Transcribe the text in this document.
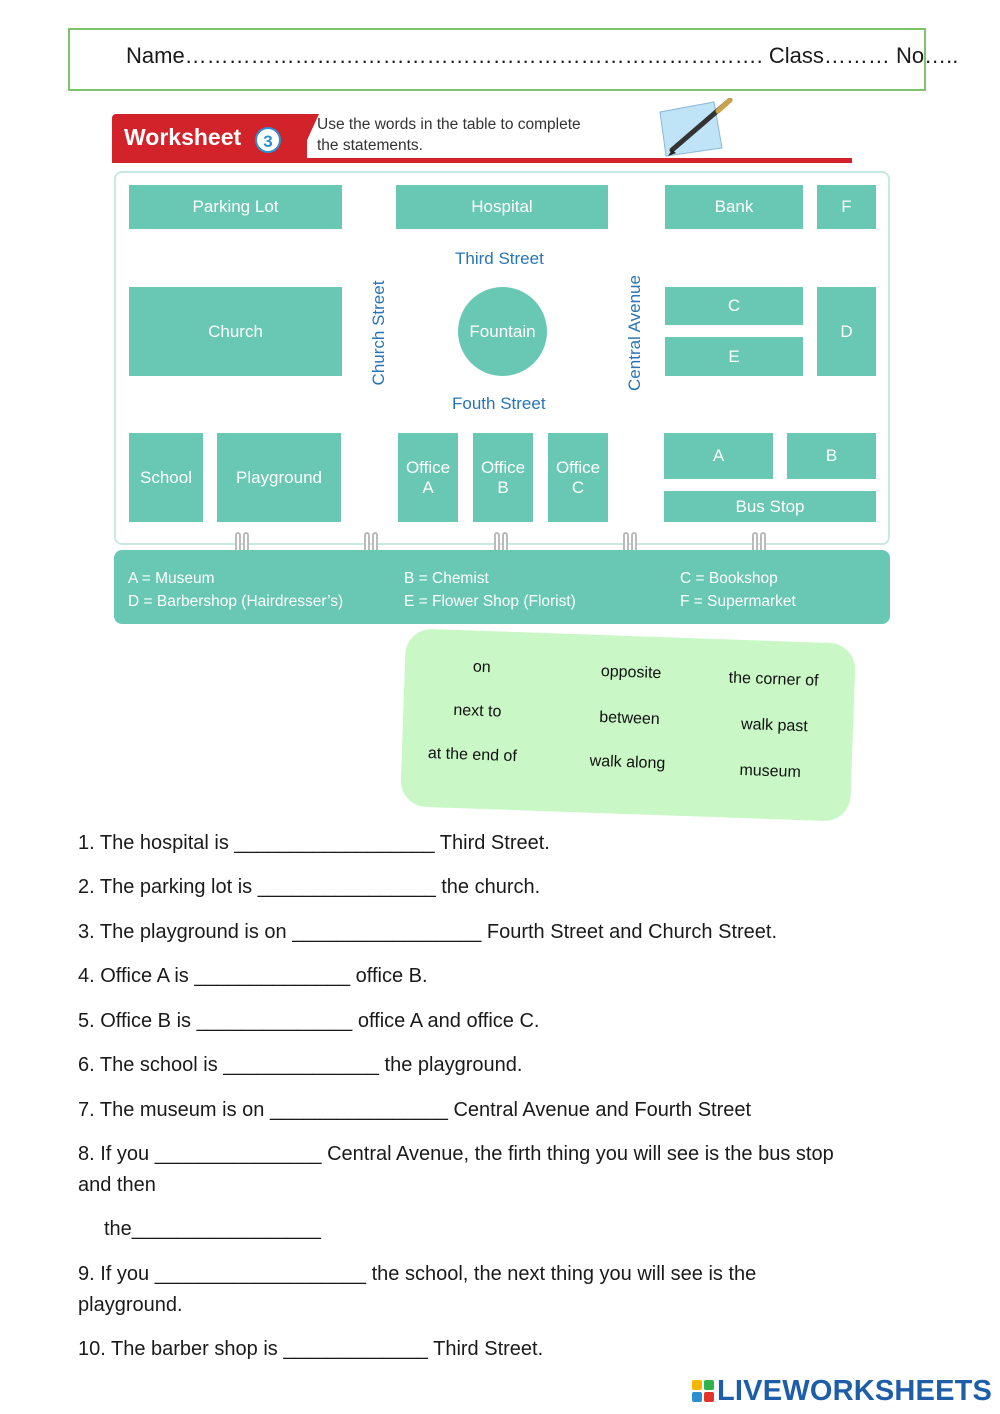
Name……………………………………………………………………. Class……… No…..
Worksheet	3
Use the words in the table to complete
the statements.
Parking Lot	Hospital	Bank	F
Third Street
Church	Church Street	Fountain	Central Avenue	C
E
D
Fouth Street
School	Playground
Office
A
Office
B
Office
C
A	B
Bus Stop
A = Museum
D = Barbershop (Hairdresser’s)
B = Chemist
E = Flower Shop (Florist)
C = Bookshop
F = Supermarket
on	opposite	the corner of
next to	between	walk past
at the end of	walk along	museum
1. The hospital is __________________ Third Street.
2. The parking lot is ________________ the church.
3. The playground is on _________________ Fourth Street and Church Street.
4. Office A is ______________ office B.
5. Office B is ______________ office A and office C.
6. The school is ______________ the playground.
7. The museum is on ________________ Central Avenue and Fourth Street
8. If you _______________ Central Avenue, the firth thing you will see is the bus stop
and then
the_________________
9. If you ___________________ the school, the next thing you will see is the
playground.
10. The barber shop is _____________ Third Street.
LIVEWORKSHEETS
